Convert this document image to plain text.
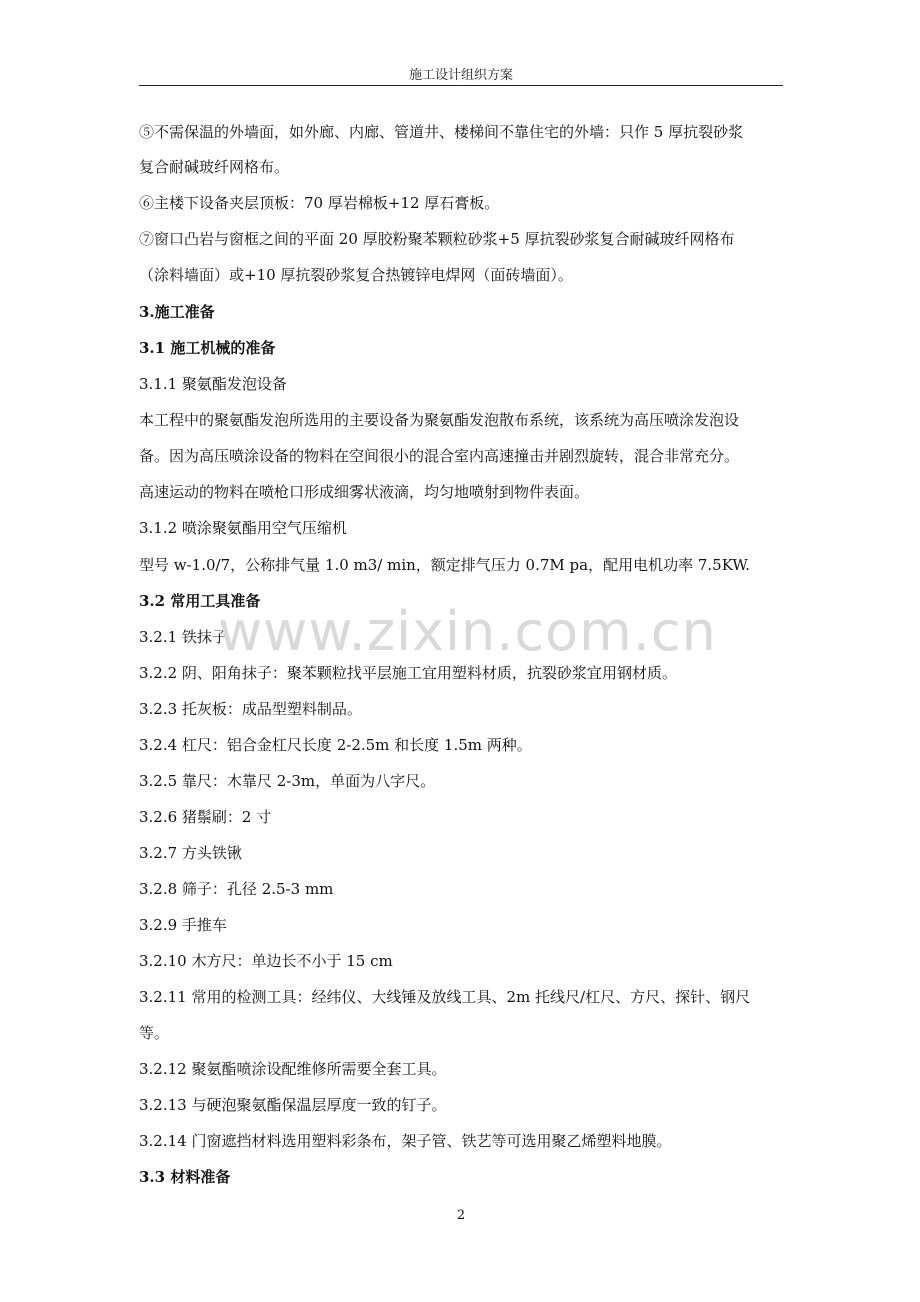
施工设计组织方案
⑤不需保温的外墙面，如外廊、内廊、管道井、楼梯间不靠住宅的外墙：只作 5 厚抗裂砂浆
复合耐碱玻纤网格布。
⑥主楼下设备夹层顶板：70 厚岩棉板+12 厚石膏板。
⑦窗口凸岩与窗框之间的平面 20 厚胶粉聚苯颗粒砂浆+5 厚抗裂砂浆复合耐碱玻纤网格布
（涂料墙面）或+10 厚抗裂砂浆复合热镀锌电焊网（面砖墙面）。
3.施工准备
3.1 施工机械的准备
3.1.1 聚氨酯发泡设备
本工程中的聚氨酯发泡所选用的主要设备为聚氨酯发泡散布系统，该系统为高压喷涂发泡设
备。因为高压喷涂设备的物料在空间很小的混合室内高速撞击并剧烈旋转，混合非常充分。
高速运动的物料在喷枪口形成细雾状液滴，均匀地喷射到物件表面。
3.1.2 喷涂聚氨酯用空气压缩机
型号 w-1.0/7，公称排气量 1.0 m3/ min，额定排气压力 0.7M pa，配用电机功率 7.5KW.
3.2 常用工具准备
3.2.1 铁抹子
3.2.2 阴、阳角抹子：聚苯颗粒找平层施工宜用塑料材质，抗裂砂浆宜用钢材质。
3.2.3 托灰板：成品型塑料制品。
3.2.4 杠尺：铝合金杠尺长度 2-2.5m 和长度 1.5m 两种。
3.2.5 靠尺：木靠尺 2-3m，单面为八字尺。
3.2.6 猪鬃刷：2 寸
3.2.7 方头铁锹
3.2.8 筛子：孔径 2.5-3 mm
3.2.9 手推车
3.2.10 木方尺：单边长不小于 15 cm
3.2.11 常用的检测工具：经纬仪、大线锤及放线工具、2m 托线尺/杠尺、方尺、探针、钢尺
等。
3.2.12 聚氨酯喷涂设配维修所需要全套工具。
3.2.13 与硬泡聚氨酯保温层厚度一致的钉子。
3.2.14 门窗遮挡材料选用塑料彩条布，架子管、铁艺等可选用聚乙烯塑料地膜。
3.3 材料准备
www.zixin.com.cn
2
